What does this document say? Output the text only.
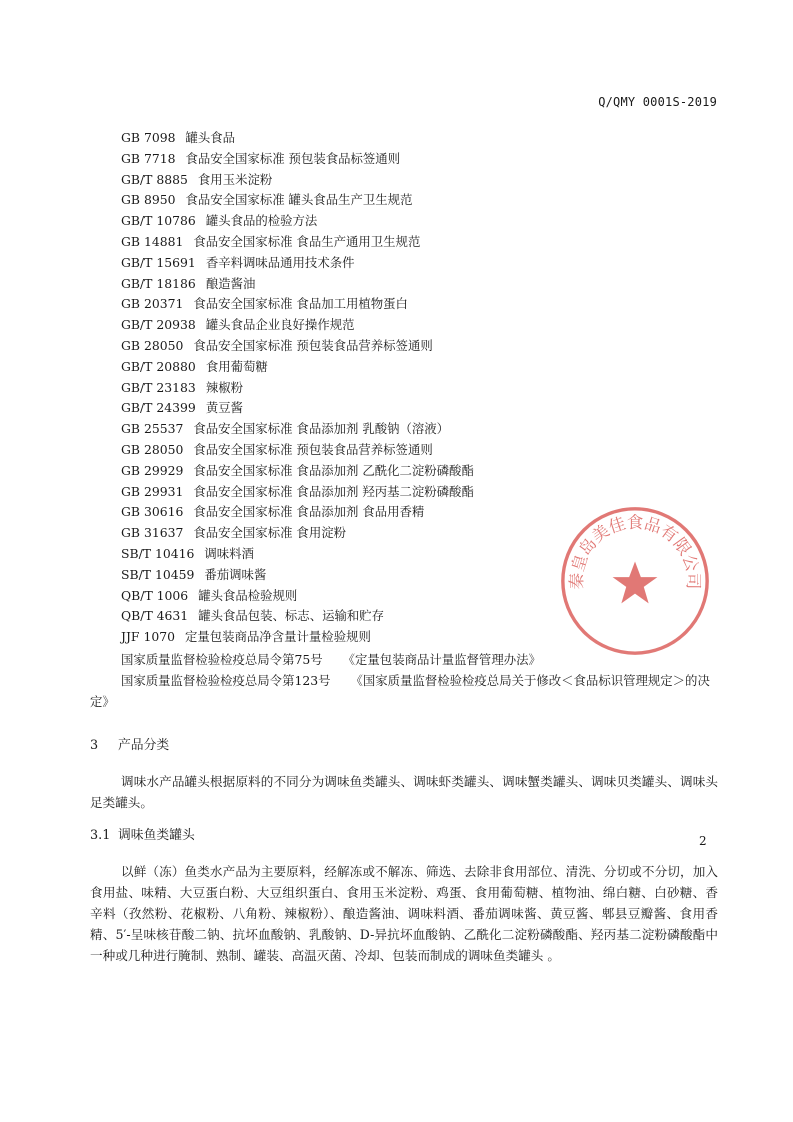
Q/QMY 0001S-2019
GB 7098 罐头食品
GB 7718 食品安全国家标准 预包装食品标签通则
GB/T 8885 食用玉米淀粉
GB 8950 食品安全国家标准 罐头食品生产卫生规范
GB/T 10786 罐头食品的检验方法
GB 14881 食品安全国家标准 食品生产通用卫生规范
GB/T 15691 香辛料调味品通用技术条件
GB/T 18186 酿造酱油
GB 20371 食品安全国家标准 食品加工用植物蛋白
GB/T 20938 罐头食品企业良好操作规范
GB 28050 食品安全国家标准 预包装食品营养标签通则
GB/T 20880 食用葡萄糖
GB/T 23183 辣椒粉
GB/T 24399 黄豆酱
GB 25537 食品安全国家标准 食品添加剂 乳酸钠（溶液）
GB 28050 食品安全国家标准 预包装食品营养标签通则
GB 29929 食品安全国家标准 食品添加剂 乙酰化二淀粉磷酸酯
GB 29931 食品安全国家标准 食品添加剂 羟丙基二淀粉磷酸酯
GB 30616 食品安全国家标准 食品添加剂 食品用香精
GB 31637 食品安全国家标准 食用淀粉
SB/T 10416 调味料酒
SB/T 10459 番茄调味酱
QB/T 1006 罐头食品检验规则
QB/T 4631 罐头食品包装、标志、运输和贮存
JJF 1070 定量包装商品净含量计量检验规则
国家质量监督检验检疫总局令第75号 《定量包装商品计量监督管理办法》
国家质量监督检验检疫总局令第123号 《国家质量监督检验检疫总局关于修改＜食品标识管理规定＞的决定》
3 产品分类
调味水产品罐头根据原料的不同分为调味鱼类罐头、调味虾类罐头、调味蟹类罐头、调味贝类罐头、调味头足类罐头。
3.1 调味鱼类罐头
以鲜（冻）鱼类水产品为主要原料，经解冻或不解冻、筛选、去除非食用部位、清洗、分切或不分切，加入食用盐、味精、大豆蛋白粉、大豆组织蛋白、食用玉米淀粉、鸡蛋、食用葡萄糖、植物油、绵白糖、白砂糖、香辛料（孜然粉、花椒粉、八角粉、辣椒粉）、酿造酱油、调味料酒、番茄调味酱、黄豆酱、郫县豆瓣酱、食用香精、5′-呈味核苷酸二钠、抗坏血酸钠、乳酸钠、D-异抗坏血酸钠、乙酰化二淀粉磷酸酯、羟丙基二淀粉磷酸酯中一种或几种进行腌制、熟制、罐装、高温灭菌、冷却、包装而制成的调味鱼类罐头 。
2
秦皇岛美佳食品有限公司
